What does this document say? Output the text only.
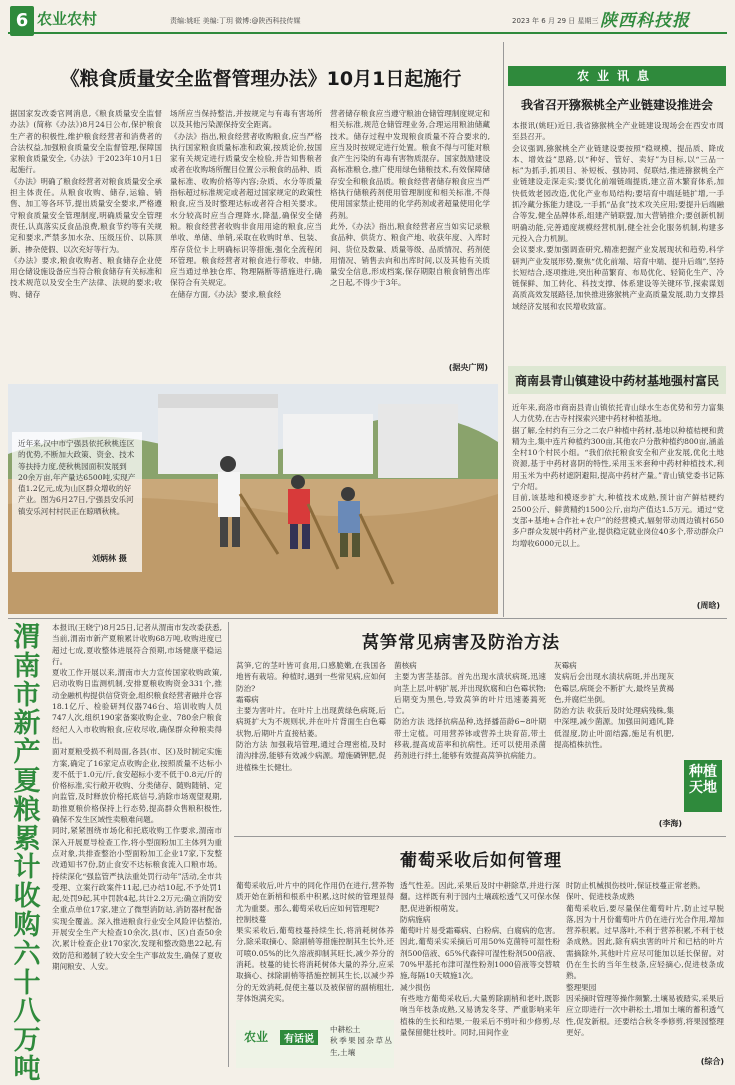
6 农业农村	责编:姚旺 美编:丁玥 微博:@陕西科技传媒	2023 年 6 月 29 日 星期三 陕西科技报
《粮食质量安全监督管理办法》10月1日起施行
据国家发改委官网消息,《粮食质量安全监督办法》(简称《办法》)8月24日公布,保护粮食生产者的积极性,维护粮食经营者和消费者的合法权益,加强粮食质量安全监督管理,保障国家粮食质量安全,《办法》于2023年10月1日起施行。
《办法》明确了粮食经营者对粮食质量安全承担主体责任。从粮食收购、储存,运输、销售、加工等各环节,提出质量安全要求,严格遵守粮食质量安全管理制度,明确质量安全管理责任,认真落实反食品浪费,粮食节约等有关规定和要求,严禁多加水杂、压级压价、以陈顶新、掺杂使假、以次充好等行为。
《办法》要求,粮食收购者、粮食储存企业使用仓储设施设备应当符合粮食储存有关标准和技术规范以及安全生产法律、法规的要求;收购、储存
场所应当保持整洁,并按规定与有毒有害场所以及其他污染源保持安全距离。
《办法》指出,粮食经营者收购粮食,应当严格执行国家粮食质量标准和政策,按质论价,按国家有关规定进行质量安全检验,并告知售粮者或者在收购场所醒目位置公示粮食的品种、质量标准、收购价格等内容;杂质、水分等质量指标超过标准规定或者超过国家规定的政策性粮食,应当及时整理达标或者符合相关要求。水分较高时应当合理降水,降温,确保安全储粮。粮食经营者收购非食用用途的粮食,应当单收、单储、单销,采取在收购时单、包装、库存货位卡上明确标识等措施,强化全流程闭环管理。粮食经营者对粮食进行带收、申储,应当通过单独仓库、物理隔断等措施进行,确保符合有关规定。
在储存方面,《办法》要求,粮食经
营者储存粮食应当遵守粮油仓储管理制度规定和相关标准,规范仓储管理业务,合理运用粮油储藏技术。储存过程中发现粮食质量不符合要求的,应当及时按规定进行处置。粮食不得与可能对粮食产生污染的有毒有害物质混存。国家鼓励建设高标准粮仓,推广使用绿色储粮技术,有效保障储存安全和粮食品质。粮食经营者储存粮食应当严格执行储粮药剂使用管理制度和相关标准,不得使用国家禁止使用的化学药剂或者超量使用化学药剂。
此外,《办法》指出,粮食经营者应当如实记录粮食品种、供货方、粮食产地、收获年度、入库时间、货位及数量、质量等级、品质情况、药剂使用情况、销售去向和出库时间,以及其他有关质量安全信息,形成档案,保存期限自粮食销售出库之日起,不得少于3年。
(据央广网)
农业讯息
我省召开猕猴桃全产业链建设推进会
本报讯(姚旺)近日,我省猕猴桃全产业链建设现场会在西安市周至县召开。
会议强调,猕猴桃全产业链建设要按照“稳规模、提品质、降成本、增效益”思路,以“种好、管好、卖好”为目标,以“三品一标”为抓手,抓项目、补短板、强协同、促联结,推进猕猴桃全产业链建设走深走实;要优化前端链端提质,建立苗木繁育体系,加快低效老园改造,优化产业布局结构;要培育中端延链扩增,一手抓冷藏分拣能力建设,一手抓“品食”技术攻关应用;要提升后端融合等发,健全品牌体系,组建产销联盟,加大营销推介;要创新机制明确动能,完善通度规模经营机制,健全社会化服务机制,构建多元投入合力机制。
会议要求,要加强调查研究,精准把握产业发展现状和趋势,科学研判产业发展形势,聚焦“优化前端、培育中端、提升后端”,坚持长短结合,逐项推进,突出种苗繁育、布局优化、轻简化生产、冷链保鲜、加工转化、科技支撑、体系建设等关键环节,探索谋划高质高效发展路径,加快推进猕猴桃产业高质量发展,助力支撑县域经济发展和农民增收致富。
商南县青山镇建设中药材基地强村富民
近年来,商洛市商南县青山镇依托青山绿水生态优势和劳力富集人力优势,在古寺村探索兴建中药材种植基地。
据了解,全村约有三分之二农户种植中药材,基地以种植桔梗和黄精为主,集中连片种植约300亩,其他农户分散种植约800亩,涵盖全村10个村民小组。“我们依托粮食安全和产业发展,优化土地资源,基于中药材喜阴的特性,采用玉米套种中药材种植技术,利用玉米为中药材遮阴避阳,提高中药材产量。”青山镇党委书记陈宁介绍。
目前,该基地和模逐步扩大,种植技术成熟,预计亩产鲜桔梗约2500公斤、鲜黄精约1500公斤,亩均产值达1.5万元。通过“党支部+基地+合作社+农户”的经营模式,辐射带动周边镇村650多户群众发展中药材产业,提供稳定就业岗位40多个,带动群众户均增收6000元以上。
(周晗)
近年来,汉中市宁强县依托秋桃连区的优势,不断加大政策、资金、技术等扶持力度,使秋桃园面积发展到20余万亩,年产量达6500吨,实现产值1.2亿元,成为山区群众增收的好产业。图为6月27日,宁强县安乐河镇安乐河村村民正在晾晒秋桃。
刘炳林 摄
渭南市新产夏粮累计收购六十八万吨
本报讯(王晓宁)8月25日,记者从渭南市发改委获悉,当前,渭南市新产夏粮累计收购68万吨,收购进度已超过七成,夏收整体进展符合预期,市场健康平稳运行。
夏收工作开展以来,渭南市大力宣传国家收购政策,启动收购日监测机制,安排夏粮收购资金331个,推动金融机构提供信贷资金,组织粮食经营者融并仓容18.1亿斤、检验研判仪器746台、培训收购人员747人次,组织190家备案收购企业、780余户粮食经纪人入市收购粮食,应收尽收,确保群众种粮卖得出。
面对夏粮受损不利局面,各县(市、区)及时制定实施方案,确定了16家定点收购企业,按照质量不达标小麦不低于1.0元/斤,食安超标小麦不低于0.8元/斤的价格标准,实行敞开收购、分类储存、随购随销、定向监管,及时释放价格托底信号,消除市场观望观期,助推夏粮价格保持上行态势,提高群众售粮积极性,确保不发生区域性卖粮难问题。
同时,紧紧围绕市场化和托底收购工作要求,渭南市深入开展夏导检查工作,将小型面粉加工主体列为重点对象,共排查整治小型面粉加工企业17家,下发整改通知书7份,防止食安不达标粮食流入口粮市场。持续深化“强监管严执法重处罚行动年”活动,全市共受理、立案行政案件11起,已办结10起,不予处罚1起,处罚9起,其中罚款4起,共计2.2万元;确立消防安全重点单位17家,建立了微型消防站,消防器材配备实现全覆盖。深入推进粮食行业安全风险评估整治,开展安全生产大检查10余次,县(市、区)自查50余次,累计检查企业170家次,发现和整改隐患22起,有效防范和遏制了较大安全生产事故发生,确保了夏收期间粮安、人安。
莴笋常见病害及防治方法
莴笋,它的茎叶皆可食用,口感脆嫩,在我国各地皆有栽培。种植时,遇到一些常见病,应如何防治?
霜霉病
主要为害叶片。在叶片上出现黄绿色病斑,后病斑扩大为不规则状,并在叶片背面生白色霉状物,后期叶片直接枯萎。
防治方法 加强栽培管理,通过合理密植,及时清沟排涝,能够有效减少病源。增施磷钾肥,促进植株生长健壮。
菌核病
主要为害茎基部。首先出现水渍状病斑,迅速向茎上层,叶柄扩展,并出现软腐和白色霉状物;后期变为黑色,导致莴笋的叶片迅速萎蔫死亡。
防治方法 选择抗病品种,选择播苗龄6~8叶期带土定植。可用营养钵或营养土块育苗,带土移栽,提高成苗率和抗病性。还可以使用杀菌药剂进行拌土,能够有效提高莴笋抗病能力。
灰霉病
发病后会出现水渍状病斑,并出现灰色霉层,病斑会不断扩大,最终呈黄褐色,并腐烂坐倒。
防治方法 收获后及时处理病残株,集中深埋,减少菌源。加强田间通风,降低湿度,防止叶面结露,施足有机肥,提高植株抗性。
(李海)
种植天地
葡萄采收后如何管理
葡萄采收后,叶片中的同化作用仍在进行,营养物质开始在新梢和根系中积累,这时候的管理显得尤为重要。那么,葡萄采收后应如何管理呢?
控制枝蔓
果实采收后,葡萄枝蔓持续生长,将消耗树体养分,除采取摘心、除副梢等措施控制其生长外,还可喷0.05%的比久溶液抑制其旺长,减少养分的消耗。枝蔓的徒长将消耗树体大量的养分,应采取摘心、抹除副梢等措施控制其生长,以减少养分的无效消耗,促使主蔓以及被保留的副梢粗壮,芽体饱满充实。
透气性差。因此,采果后及时中耕除草,并进行深翻。这样既有利于园内土壤疏松透气又可保水保肥,促进新根萌发。
防病施病
葡萄叶片易受霜霉病、白粉病、白腐病的危害。因此,葡萄采实采摘后可用50%克菌特可湿性粉剂500倍液、65%代森锌可湿性粉剂500倍液、70%甲基托布津可湿性粉剂1000倍液等交替喷施,每隔10天喷施1次。
减少损伤
有些地方葡萄采收后,大量剪除副梢和老叶,既影响当年枝条成熟,又易诱发冬芽、严重影响来年植株的生长和结果,一般采后不剪叶和少修剪,尽量保留健壮枝叶。同时,田间作业
时防止机械损伤枝叶,保证枝蔓正常老熟。
保叶、促进枝条成熟
葡萄采收后,要尽量保住葡萄叶片,防止过早脱落,因为十月份葡萄叶片仍在进行光合作用,增加营养积累。过早落叶,不利于营养积累,不利于枝条成熟。因此,除有病虫害的叶片和已枯的叶片需摘除外,其他叶片应尽可能加以延长保留。对仍在生长的当年生枝条,应轻摘心,促进枝条成熟。
整理果园
因采摘时管理等操作频繁,土壤易被踏实,采果后应立即进行一次中耕松土,增加土壤的蓄积透气性,促发新根。还要结合秋冬季修剪,将果园整理更好。
(综合)
农业	有话说
中耕松土
秋季果园杂草丛生,土壤
